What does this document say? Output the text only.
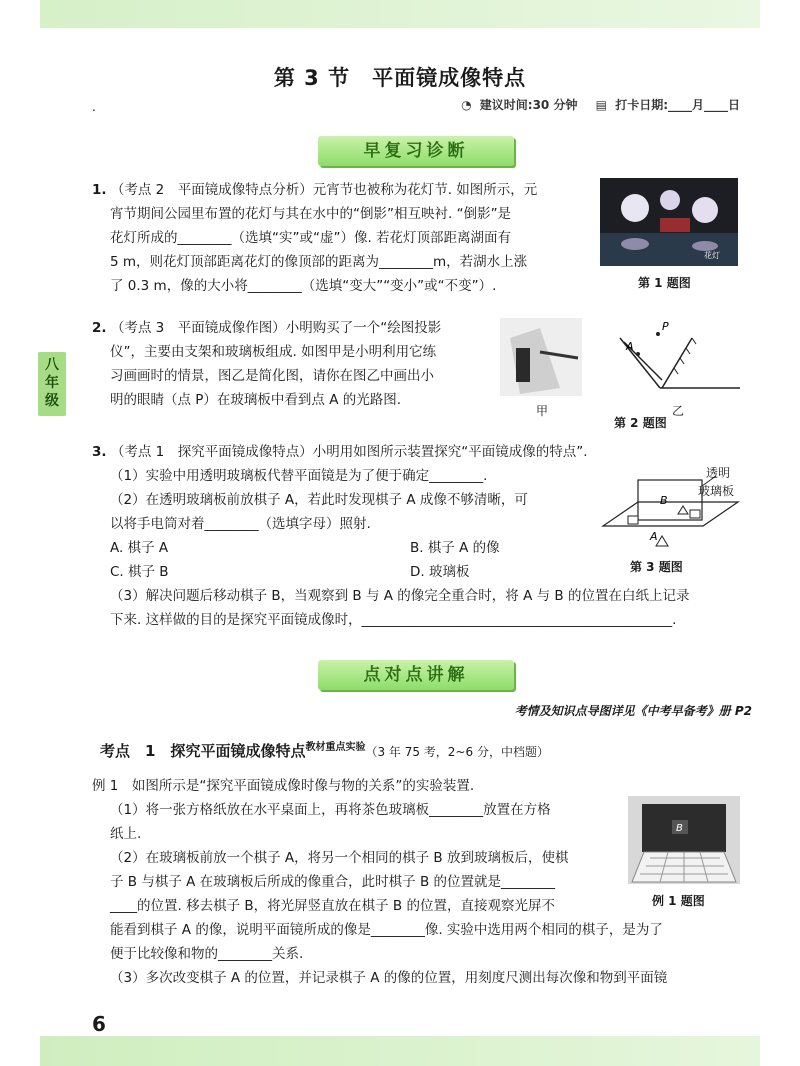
第 3 节　平面镜成像特点
.	◔ 建议时间:30 分钟 ▤ 打卡日期:____月____日
早复习诊断
八年级
1. （考点 2　平面镜成像特点分析）元宵节也被称为花灯节. 如图所示，元
宵节期间公园里布置的花灯与其在水中的“倒影”相互映衬. “倒影”是
花灯所成的________（选填“实”或“虚”）像. 若花灯顶部距离湖面有
5 m，则花灯顶部距离花灯的像顶部的距离为________m，若湖水上涨
了 0.3 m，像的大小将________（选填“变大”“变小”或“不变”）.
花灯
第 1 题图
2. （考点 3　平面镜成像作图）小明购买了一个“绘图投影
仪”，主要由支架和玻璃板组成. 如图甲是小明利用它练
习画画时的情景，图乙是简化图，请你在图乙中画出小
明的眼睛（点 P）在玻璃板中看到点 A 的光路图.
甲
P
A
乙
第 2 题图
3. （考点 1　探究平面镜成像特点）小明用如图所示装置探究“平面镜成像的特点”.
（1）实验中用透明玻璃板代替平面镜是为了便于确定________.
（2）在透明玻璃板前放棋子 A，若此时发现棋子 A 成像不够清晰，可
以将手电筒对着________（选填字母）照射.
A. 棋子 A	B. 棋子 A 的像
C. 棋子 B	D. 玻璃板
（3）解决问题后移动棋子 B，当观察到 B 与 A 的像完全重合时，将 A 与 B 的位置在白纸上记录
下来. 这样做的目的是探究平面镜成像时，______________________________________________.
B
A
透明
玻璃板
第 3 题图
点对点讲解
考情及知识点导图详见《中考早备考》册 P2
考点　1　探究平面镜成像特点$^{教材重点实验}$（3 年 75 考，2~6 分，中档题）
例 1　如图所示是“探究平面镜成像时像与物的关系”的实验装置.
（1）将一张方格纸放在水平桌面上，再将茶色玻璃板________放置在方格
纸上.
（2）在玻璃板前放一个棋子 A，将另一个相同的棋子 B 放到玻璃板后，使棋
子 B 与棋子 A 在玻璃板后所成的像重合，此时棋子 B 的位置就是________
____的位置. 移去棋子 B，将光屏竖直放在棋子 B 的位置，直接观察光屏不
能看到棋子 A 的像，说明平面镜所成的像是________像. 实验中选用两个相同的棋子，是为了
便于比较像和物的________关系.
（3）多次改变棋子 A 的位置，并记录棋子 A 的像的位置，用刻度尺测出每次像和物到平面镜
B
例 1 题图
6
